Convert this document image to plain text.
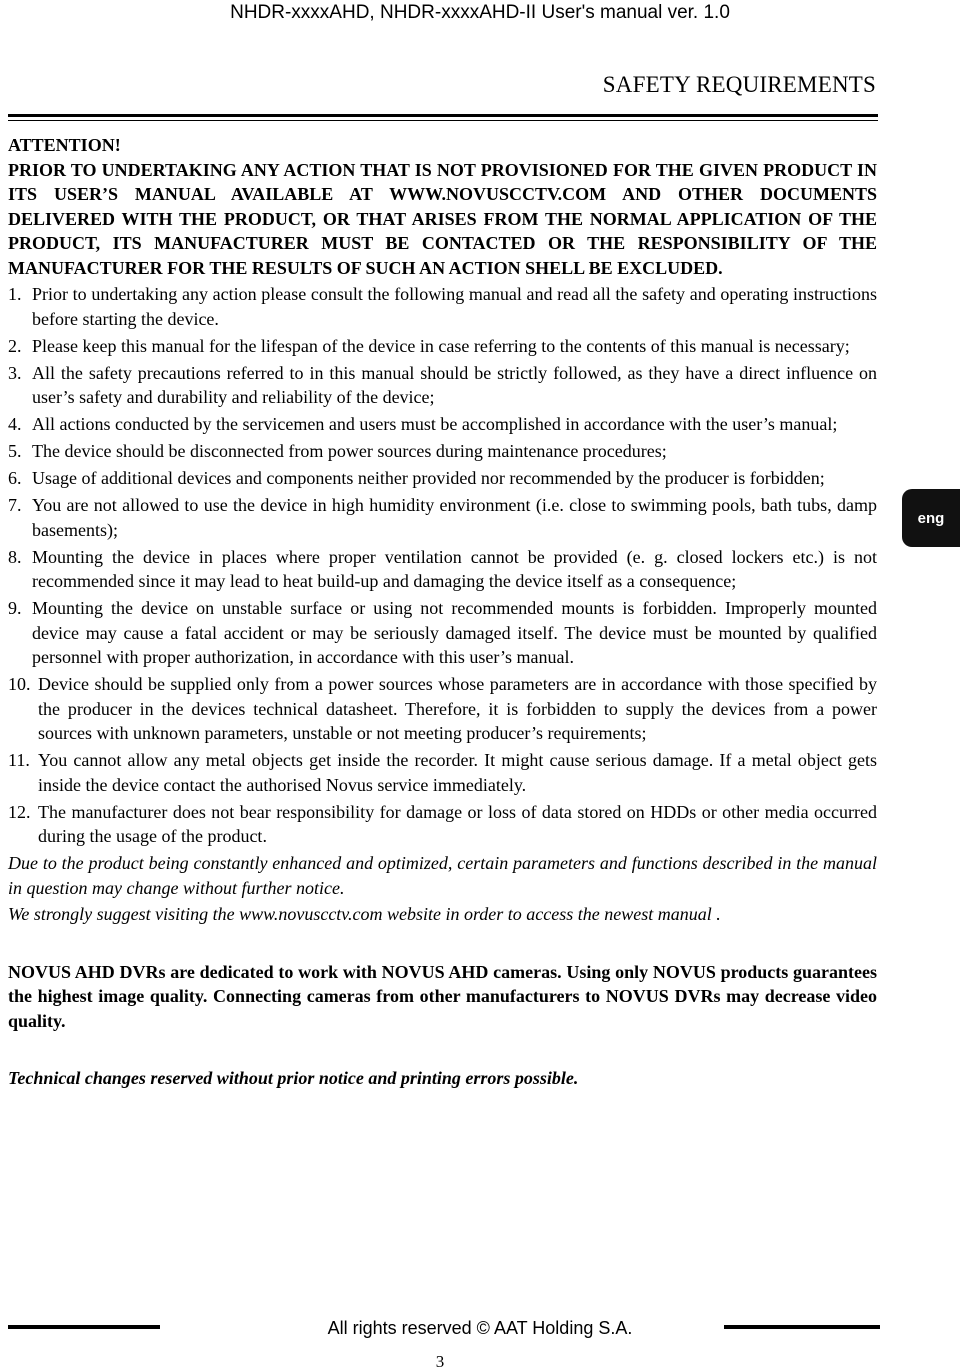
NHDR-xxxxAHD, NHDR-xxxxAHD-II User's manual ver. 1.0
SAFETY REQUIREMENTS

ATTENTION!

PRIOR TO UNDERTAKING ANY ACTION THAT IS NOT PROVISIONED FOR THE GIVEN PRODUCT IN ITS USER’S MANUAL AVAILABLE AT WWW.NOVUSCCTV.COM AND OTHER DOCUMENTS DELIVERED WITH THE PRODUCT, OR THAT ARISES FROM THE NORMAL APPLICATION OF THE PRODUCT, ITS MANUFACTURER MUST BE CONTACTED OR THE RESPONSIBILITY OF THE MANUFACTURER FOR THE RESULTS OF SUCH AN ACTION SHELL BE EXCLUDED.

1. Prior to undertaking any action please consult the following manual and read all the safety and operating instructions before starting the device.
2. Please keep this manual for the lifespan of the device in case referring to the contents of this manual is necessary;
3. All the safety precautions referred to in this manual should be strictly followed, as they have a direct influence on user’s safety and durability and reliability of the device;
4. All actions conducted by the servicemen and users must be accomplished in accordance with the user’s manual;
5. The device should be disconnected from power sources during maintenance procedures;
6. Usage of additional devices and components neither provided nor recommended by the producer is forbidden;
7. You are not allowed to use the device in high humidity environment (i.e. close to swimming pools, bath tubs, damp basements);
8. Mounting the device in places where proper ventilation cannot be provided (e. g. closed lockers etc.) is not recommended since it may lead to heat build-up and damaging the device itself as a consequence;
9. Mounting the device on unstable surface or using not recommended mounts is forbidden. Improperly mounted device may cause a fatal accident or may be seriously damaged itself. The device must be mounted by qualified personnel with proper authorization, in accordance with this user’s manual.
10. Device should be supplied only from a power sources whose parameters are in accordance with those specified by the producer in the devices technical datasheet. Therefore, it is forbidden to supply the devices from a power sources with unknown parameters, unstable or not meeting producer’s requirements;
11. You cannot allow any metal objects get inside the recorder. It might cause serious damage. If a metal object gets inside the device contact the authorised Novus service immediately.
12. The manufacturer does not bear responsibility for damage or loss of data stored on HDDs or other media occurred during the usage of the product.

Due to the product being constantly enhanced and optimized, certain parameters and functions described in the manual in question may change without further notice.

We strongly suggest visiting the www.novuscctv.com website in order to access the newest manual .

NOVUS AHD DVRs are dedicated to work with NOVUS AHD cameras. Using only NOVUS products guarantees the highest image quality. Connecting cameras from other manufacturers to NOVUS DVRs may decrease video quality.

Technical changes reserved without prior notice and printing errors possible.

eng
All rights reserved © AAT Holding S.A.
3
